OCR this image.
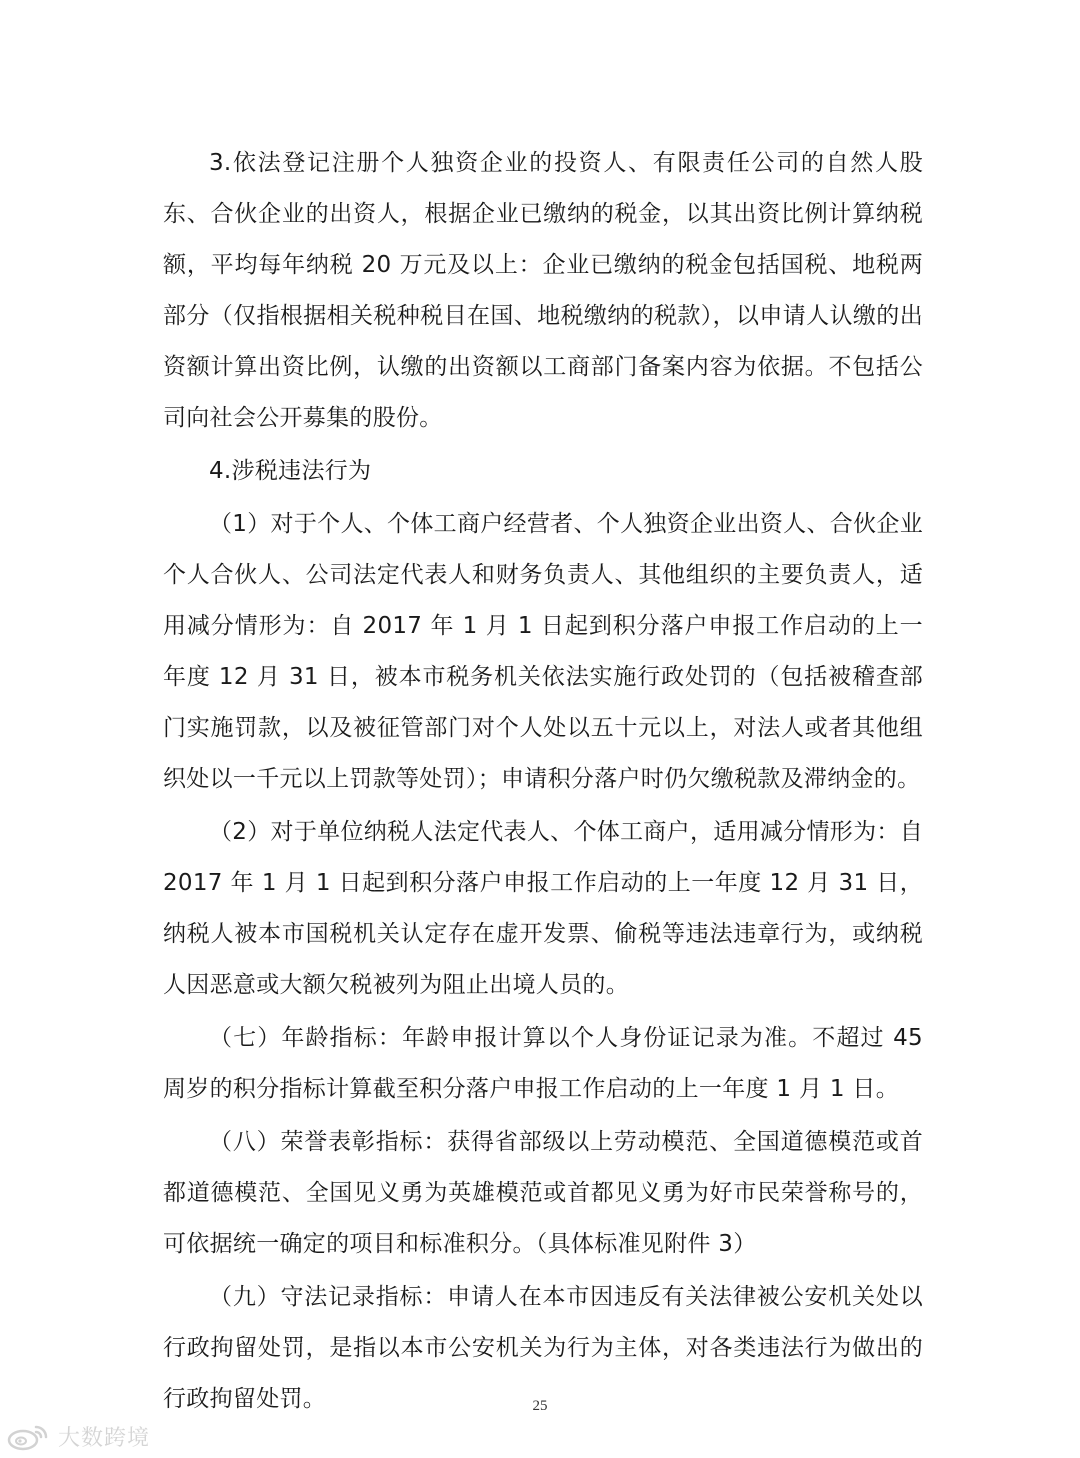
3.依法登记注册个人独资企业的投资人、有限责任公司的自然人股东、合伙企业的出资人，根据企业已缴纳的税金，以其出资比例计算纳税额，平均每年纳税 20 万元及以上：企业已缴纳的税金包括国税、地税两部分（仅指根据相关税种税目在国、地税缴纳的税款），以申请人认缴的出资额计算出资比例，认缴的出资额以工商部门备案内容为依据。不包括公司向社会公开募集的股份。

4.涉税违法行为

（1）对于个人、个体工商户经营者、个人独资企业出资人、合伙企业个人合伙人、公司法定代表人和财务负责人、其他组织的主要负责人，适用减分情形为：自 2017 年 1 月 1 日起到积分落户申报工作启动的上一年度 12 月 31 日，被本市税务机关依法实施行政处罚的（包括被稽查部门实施罚款，以及被征管部门对个人处以五十元以上，对法人或者其他组织处以一千元以上罚款等处罚）；申请积分落户时仍欠缴税款及滞纳金的。

（2）对于单位纳税人法定代表人、个体工商户，适用减分情形为：自 2017 年 1 月 1 日起到积分落户申报工作启动的上一年度 12 月 31 日，纳税人被本市国税机关认定存在虚开发票、偷税等违法违章行为，或纳税人因恶意或大额欠税被列为阻止出境人员的。

（七）年龄指标：年龄申报计算以个人身份证记录为准。不超过 45 周岁的积分指标计算截至积分落户申报工作启动的上一年度 1 月 1 日。

（八）荣誉表彰指标：获得省部级以上劳动模范、全国道德模范或首都道德模范、全国见义勇为英雄模范或首都见义勇为好市民荣誉称号的，可依据统一确定的项目和标准积分。（具体标准见附件 3）

（九）守法记录指标：申请人在本市因违反有关法律被公安机关处以行政拘留处罚，是指以本市公安机关为行为主体，对各类违法行为做出的行政拘留处罚。	25
大数跨境
